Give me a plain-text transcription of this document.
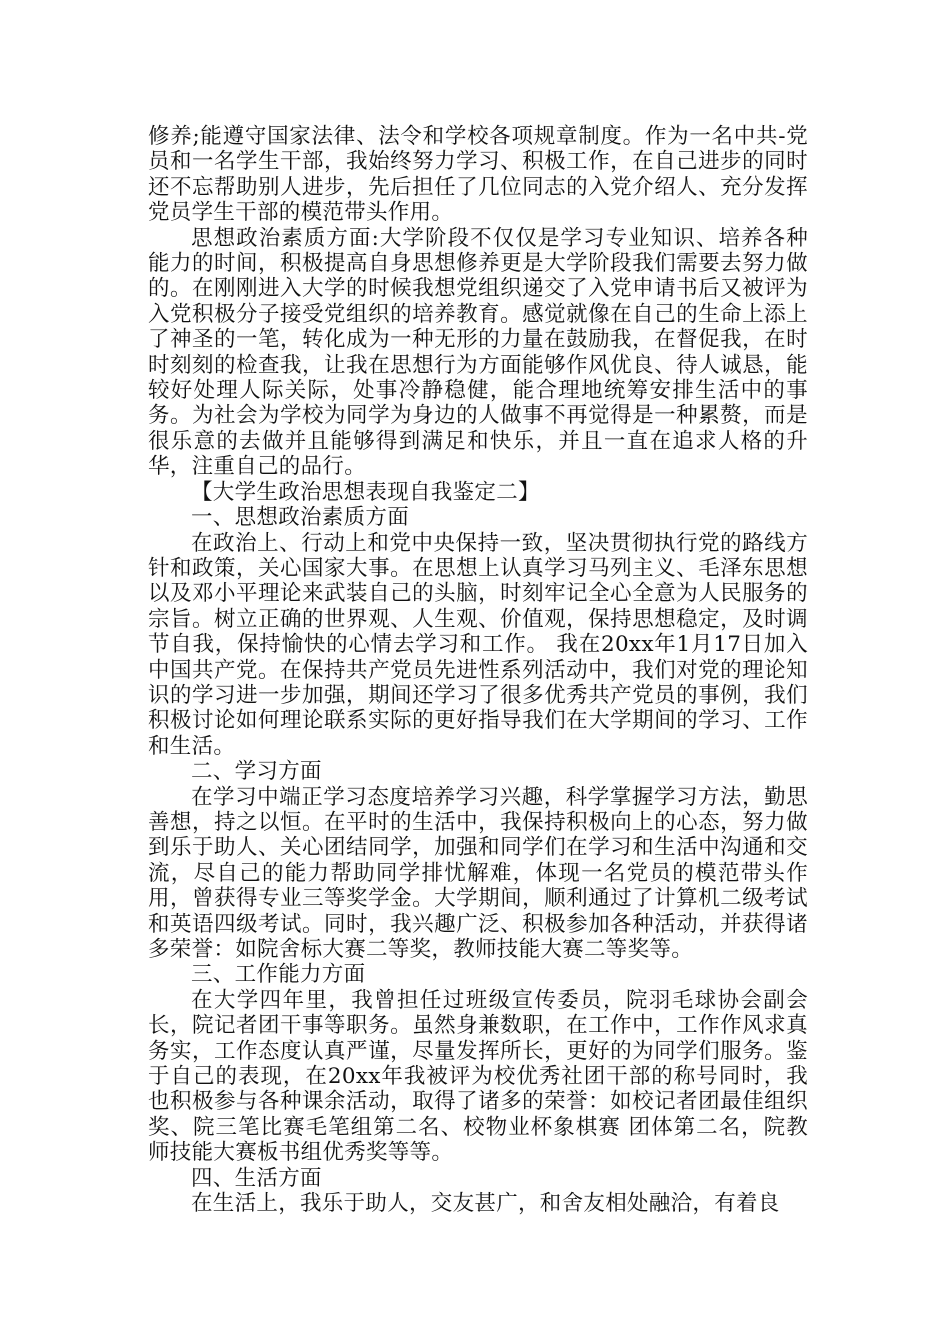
修养;能遵守国家法律、法令和学校各项规章制度。作为一名中共-党员和一名学生干部，我始终努力学习、积极工作，在自己进步的同时还不忘帮助别人进步，先后担任了几位同志的入党介绍人、充分发挥党员学生干部的模范带头作用。

思想政治素质方面:大学阶段不仅仅是学习专业知识、培养各种能力的时间，积极提高自身思想修养更是大学阶段我们需要去努力做的。在刚刚进入大学的时候我想党组织递交了入党申请书后又被评为入党积极分子接受党组织的培养教育。感觉就像在自己的生命上添上了神圣的一笔，转化成为一种无形的力量在鼓励我，在督促我，在时时刻刻的检查我，让我在思想行为方面能够作风优良、待人诚恳，能较好处理人际关际，处事冷静稳健，能合理地统筹安排生活中的事务。为社会为学校为同学为身边的人做事不再觉得是一种累赘，而是很乐意的去做并且能够得到满足和快乐，并且一直在追求人格的升华，注重自己的品行。

【大学生政治思想表现自我鉴定二】

一、思想政治素质方面

在政治上、行动上和党中央保持一致，坚决贯彻执行党的路线方针和政策，关心国家大事。在思想上认真学习马列主义、毛泽东思想以及邓小平理论来武装自己的头脑，时刻牢记全心全意为人民服务的宗旨。树立正确的世界观、人生观、价值观，保持思想稳定，及时调节自我，保持愉快的心情去学习和工作。 我在20xx年1月17日加入中国共产党。在保持共产党员先进性系列活动中，我们对党的理论知识的学习进一步加强，期间还学习了很多优秀共产党员的事例，我们积极讨论如何理论联系实际的更好指导我们在大学期间的学习、工作和生活。

二、学习方面

在学习中端正学习态度培养学习兴趣，科学掌握学习方法，勤思善想，持之以恒。在平时的生活中，我保持积极向上的心态，努力做到乐于助人、关心团结同学，加强和同学们在学习和生活中沟通和交流，尽自己的能力帮助同学排忧解难，体现一名党员的模范带头作用，曾获得专业三等奖学金。大学期间，顺利通过了计算机二级考试和英语四级考试。同时，我兴趣广泛、积极参加各种活动，并获得诸多荣誉：如院舍标大赛二等奖，教师技能大赛二等奖等。

三、工作能力方面

在大学四年里，我曾担任过班级宣传委员，院羽毛球协会副会长，院记者团干事等职务。虽然身兼数职，在工作中，工作作风求真务实，工作态度认真严谨，尽量发挥所长，更好的为同学们服务。鉴于自己的表现，在20xx年我被评为校优秀社团干部的称号同时，我也积极参与各种课余活动，取得了诸多的荣誉：如校记者团最佳组织奖、院三笔比赛毛笔组第二名、校物业杯象棋赛 团体第二名，院教师技能大赛板书组优秀奖等等。

四、生活方面

在生活上，我乐于助人，交友甚广，和舍友相处融洽，有着良
